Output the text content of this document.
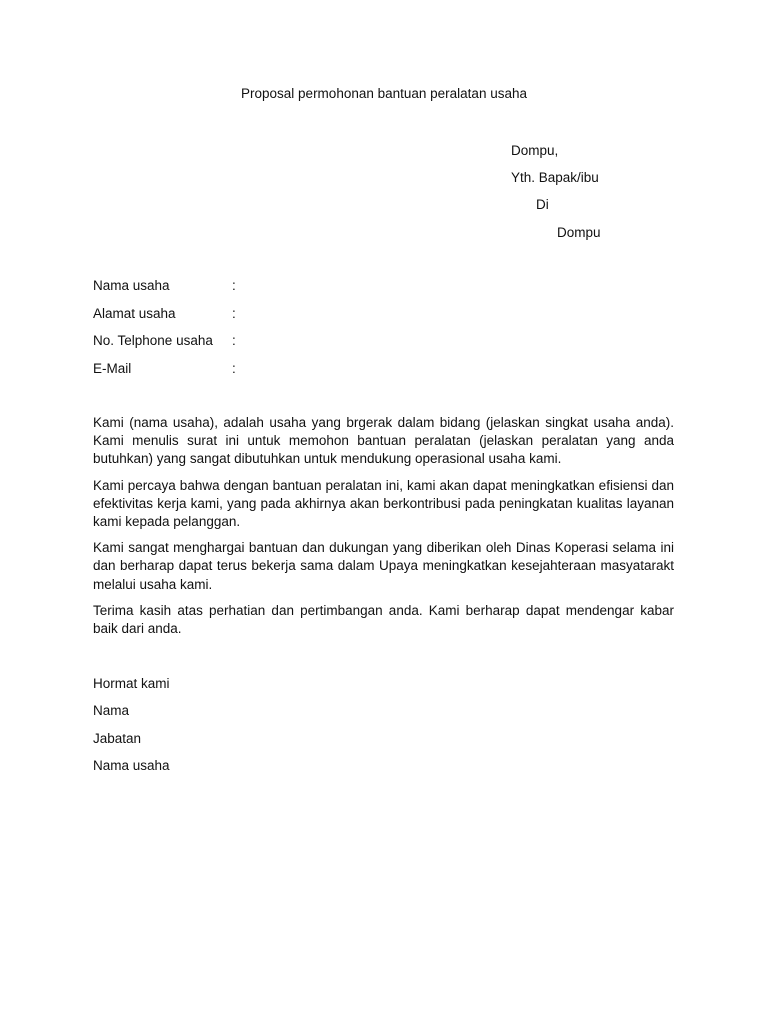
Proposal permohonan bantuan peralatan usaha
Dompu,
Yth. Bapak/ibu
Di
Dompu
Nama usaha	:
Alamat usaha	:
No. Telphone usaha :
E-Mail	:

Kami (nama usaha), adalah usaha yang brgerak dalam bidang (jelaskan singkat usaha anda). Kami menulis surat ini untuk memohon bantuan peralatan (jelaskan peralatan yang anda butuhkan) yang sangat dibutuhkan untuk mendukung operasional usaha kami.

Kami percaya bahwa dengan bantuan peralatan ini, kami akan dapat meningkatkan efisiensi dan efektivitas kerja kami, yang pada akhirnya akan berkontribusi pada peningkatan kualitas layanan kami kepada pelanggan.

Kami sangat menghargai bantuan dan dukungan yang diberikan oleh Dinas Koperasi selama ini dan berharap dapat terus bekerja sama dalam Upaya meningkatkan kesejahteraan masyatarakt melalui usaha kami.

Terima kasih atas perhatian dan pertimbangan anda. Kami berharap dapat mendengar kabar baik dari anda.

Hormat kami
Nama
Jabatan
Nama usaha
